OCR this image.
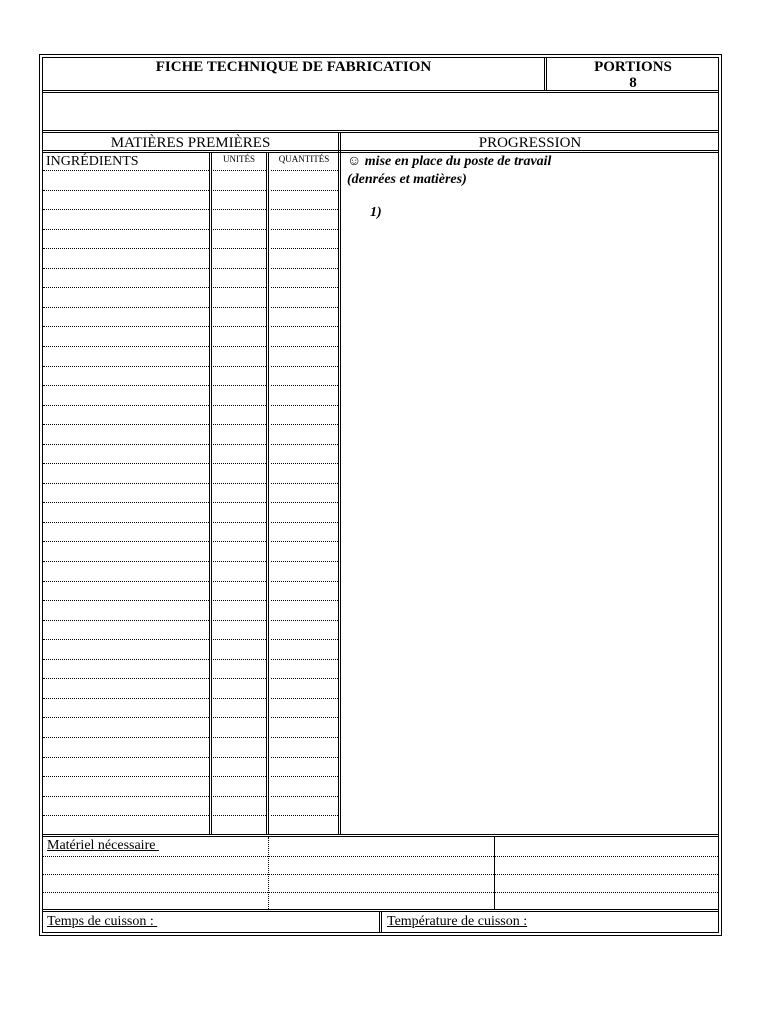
FICHE TECHNIQUE DE FABRICATION	PORTIONS
8
MATIÈRES PREMIÈRES	PROGRESSION
INGRÉDIENTS	UNITÉS	QUANTITÉS	☺ mise en place du poste de travail
(denrées et matières)
1)
Matériel nécessaire
Temps de cuisson :	Température de cuisson :
